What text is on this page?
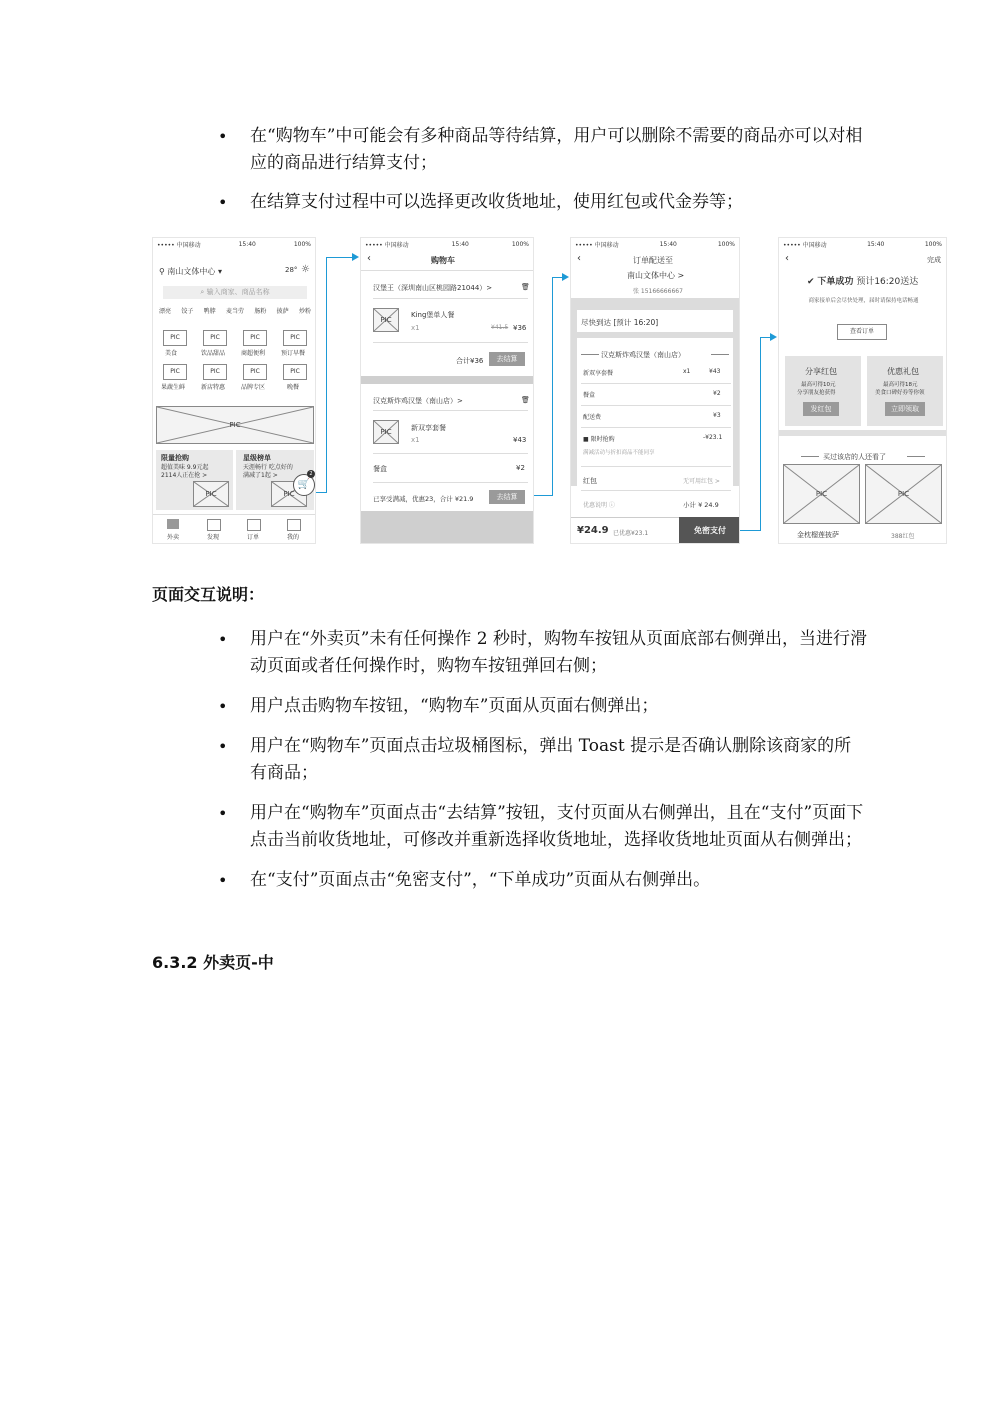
• 在“购物车”中可能会有多种商品等待结算，用户可以删除不需要的商品亦可以对相应的商品进行结算支付；
• 在结算支付过程中可以选择更改收货地址，使用红包或代金券等；
••••• 中国移动	15:40	100%
⚲ 南山文体中心 ▾	28° ☼
⌕ 输入商家、商品名称
漂亮 饺子 鸭脖 麦当劳 肠粉 披萨 炒粉
PIC	PIC	PIC	PIC
美食	饮品甜品	商超便利	预订早餐
PIC	PIC	PIC	PIC
果蔬生鲜	新店特惠	品牌专区	晚餐
PIC
限量抢购
超值美味 9.9元起
2114人正在抢 >
星级榜单
天涯畅行 吃点好的
满减了1起 >
PIC	PIC
🛒
2
外卖	发现	订单	我的
••••• 中国移动	15:40	100%
‹	购物车
汉堡王（深圳南山区桃园路21044）>	🗑
PIC
King堡单人餐
x1	¥41.5 ¥36
合计¥36	去结算
汉克斯炸鸡汉堡（南山店）>	🗑
PIC	新双享套餐
x1	¥43
餐盒	¥2
已享受满减，优惠23，合计 ¥21.9	去结算
••••• 中国移动	15:40	100%
‹	订单配送至
南山文体中心 >
张 15166666667
尽快到达 [预计 16:20]
汉克斯炸鸡汉堡（南山店）
新双享套餐	x1	¥43
餐盒	¥2
配送费	¥3
■ 限时抢购	-¥23.1
满减活动与折扣商品不能同享
红包	无可用红包 >
优惠说明 ⓘ	小计 ¥ 24.9
¥24.9 已优惠¥23.1	免密支付
••••• 中国移动	15:40	100%
‹	完成
✔ 下单成功 预计16:20送达
商家接单后会尽快处理，届时请保持电话畅通
查看订单
分享红包
最高可得10元
分享朋友抢获得
发红包
优惠礼包
最高可得18元
美食口碑好券等你领
立即领取
买过该店的人还看了
PIC	PIC
金枕榴莲披萨	388红包
页面交互说明：
• 用户在“外卖页”未有任何操作 2 秒时，购物车按钮从页面底部右侧弹出，当进行滑动页面或者任何操作时，购物车按钮弹回右侧；
• 用户点击购物车按钮，“购物车”页面从页面右侧弹出；
• 用户在“购物车”页面点击垃圾桶图标，弹出 Toast 提示是否确认删除该商家的所有商品；
• 用户在“购物车”页面点击“去结算”按钮，支付页面从右侧弹出，且在“支付”页面下点击当前收货地址，可修改并重新选择收货地址，选择收货地址页面从右侧弹出；
• 在“支付”页面点击“免密支付”，“下单成功”页面从右侧弹出。
6.3.2 外卖页-中
